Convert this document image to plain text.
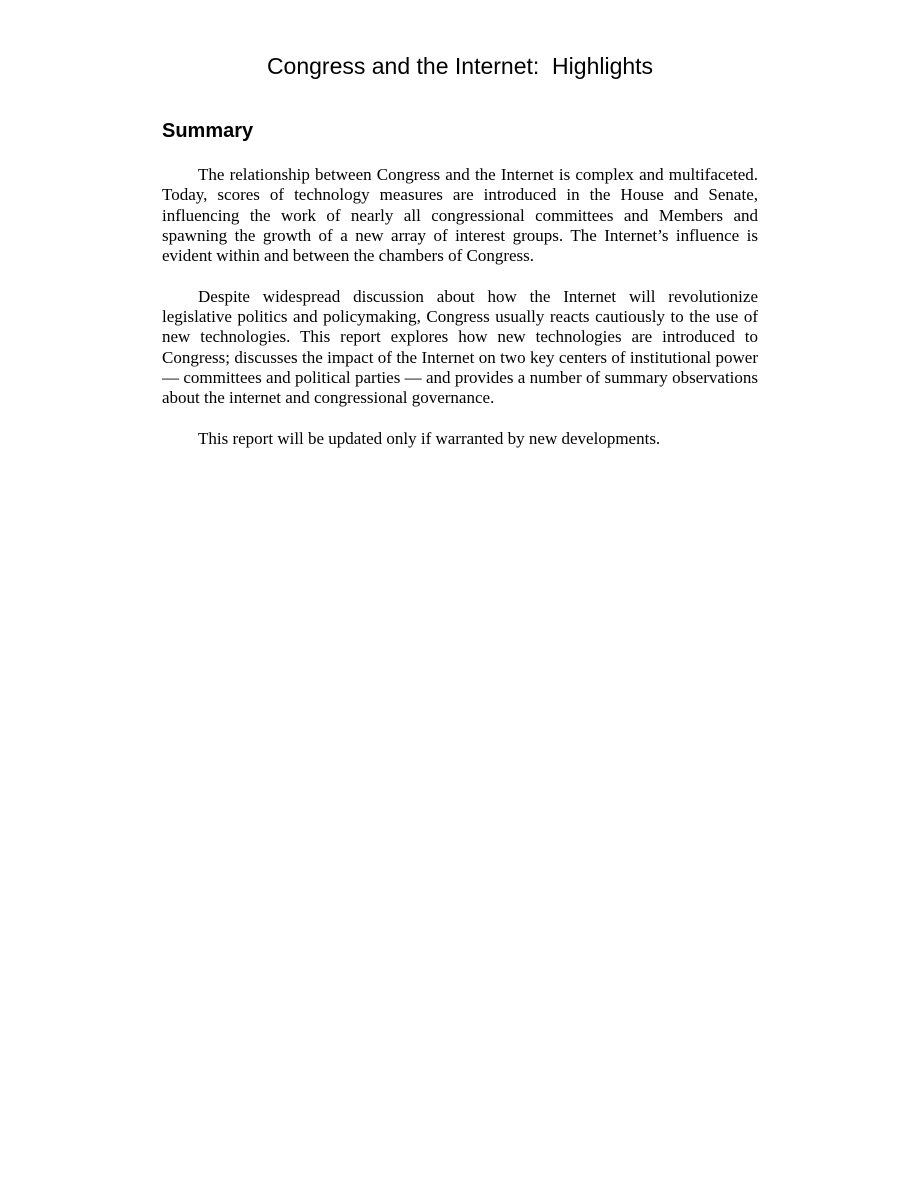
Congress and the Internet:  Highlights
Summary

The relationship between Congress and the Internet is complex and multifaceted. Today, scores of technology measures are introduced in the House and Senate, influencing the work of nearly all congressional committees and Members and spawning the growth of a new array of interest groups. The Internet’s influence is evident within and between the chambers of Congress.

Despite widespread discussion about how the Internet will revolutionize legislative politics and policymaking, Congress usually reacts cautiously to the use of new technologies. This report explores how new technologies are introduced to Congress; discusses the impact of the Internet on two key centers of institutional power — committees and political parties — and provides a number of summary observations about the internet and congressional governance.

This report will be updated only if warranted by new developments.
